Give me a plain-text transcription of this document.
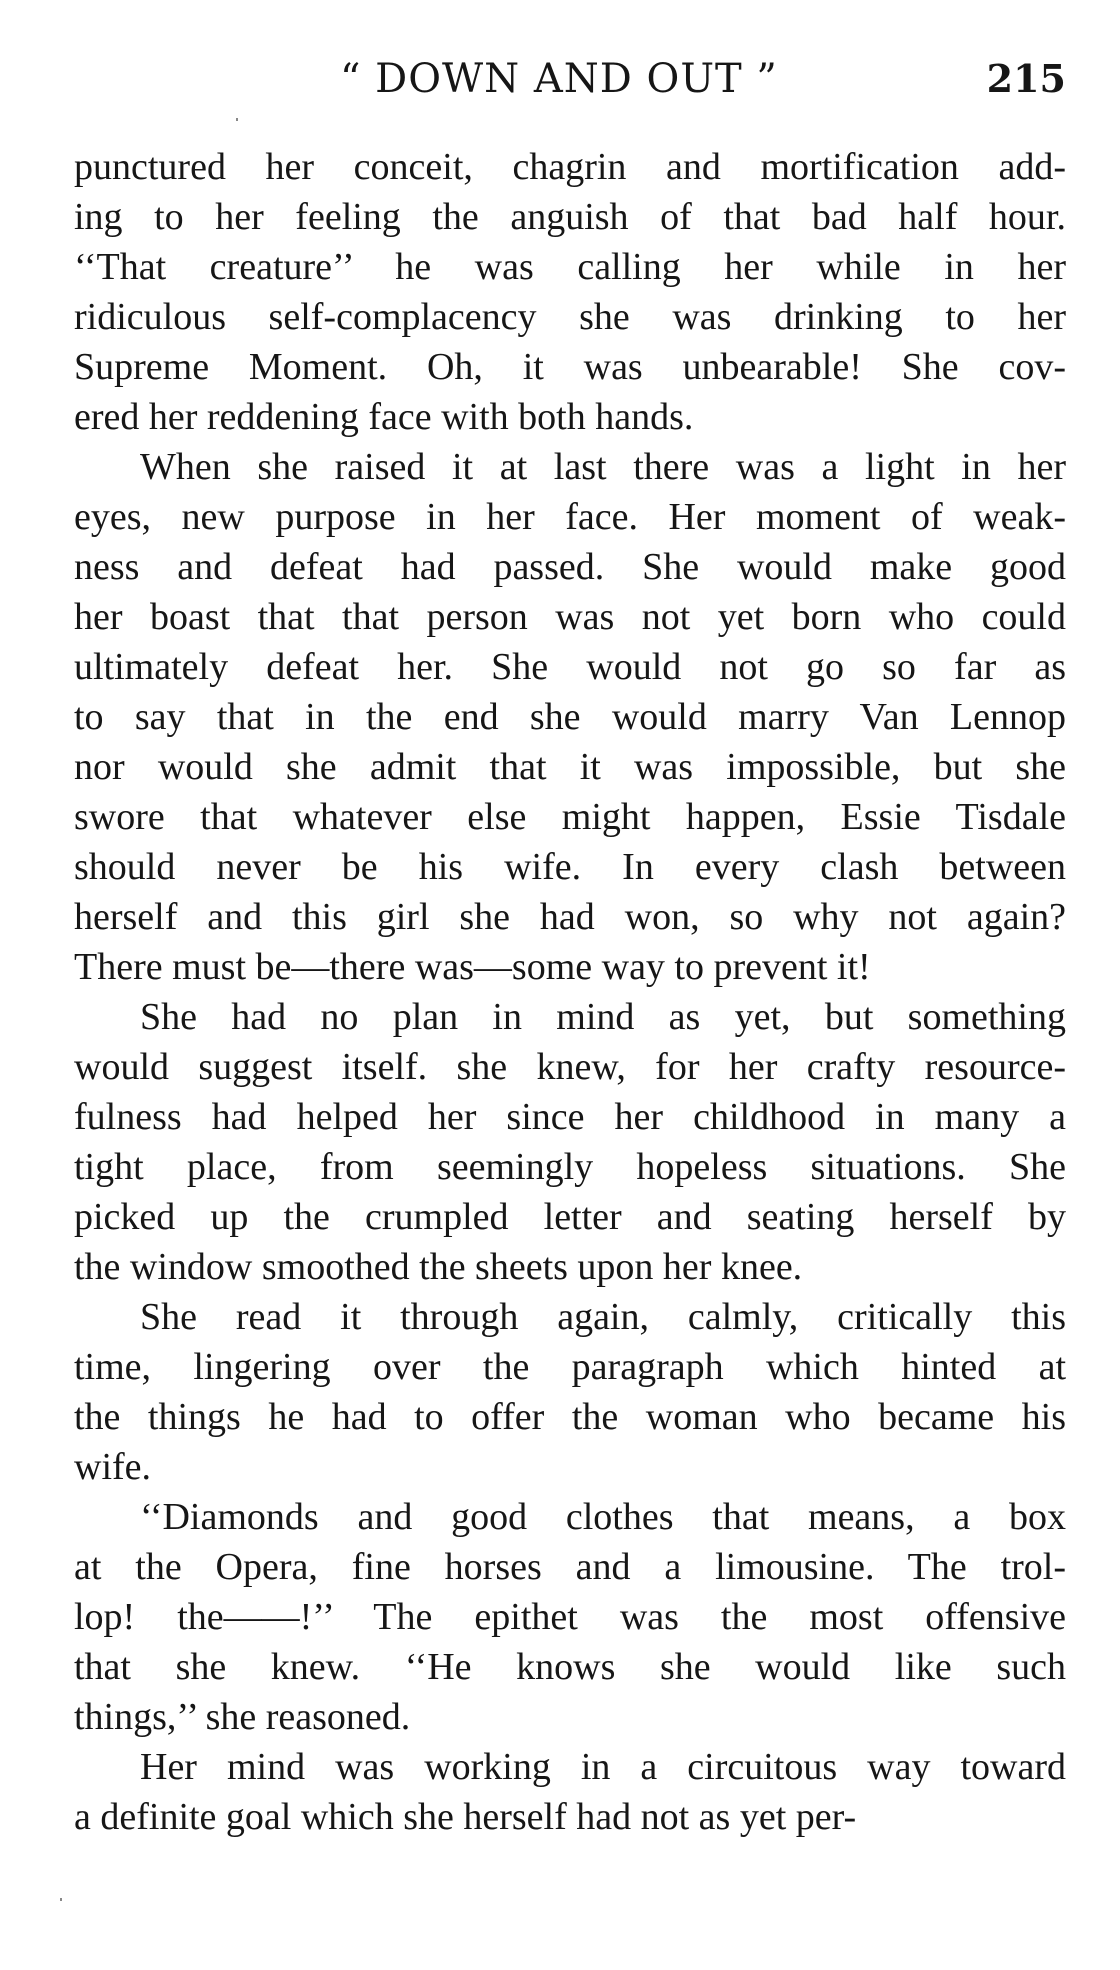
“ DOWN AND OUT ”	215
punctured her conceit, chagrin and mortification add-
ing to her feeling the anguish of that bad half hour.
‘‘That creature’’ he was calling her while in her
ridiculous self-complacency she was drinking to her
Supreme Moment. Oh, it was unbearable! She cov-
ered her reddening face with both hands.
When she raised it at last there was a light in her
eyes, new purpose in her face. Her moment of weak-
ness and defeat had passed. She would make good
her boast that that person was not yet born who could
ultimately defeat her. She would not go so far as
to say that in the end she would marry Van Lennop
nor would she admit that it was impossible, but she
swore that whatever else might happen, Essie Tisdale
should never be his wife. In every clash between
herself and this girl she had won, so why not again?
There must be—there was—some way to prevent it!
She had no plan in mind as yet, but something
would suggest itself. she knew, for her crafty resource-
fulness had helped her since her childhood in many a
tight place, from seemingly hopeless situations. She
picked up the crumpled letter and seating herself by
the window smoothed the sheets upon her knee.
She read it through again, calmly, critically this
time, lingering over the paragraph which hinted at
the things he had to offer the woman who became his
wife.
‘‘Diamonds and good clothes that means, a box
at the Opera, fine horses and a limousine. The trol-
lop! the——!’’ The epithet was the most offensive
that she knew. ‘‘He knows she would like such
things,’’ she reasoned.
Her mind was working in a circuitous way toward
a definite goal which she herself had not as yet per-
